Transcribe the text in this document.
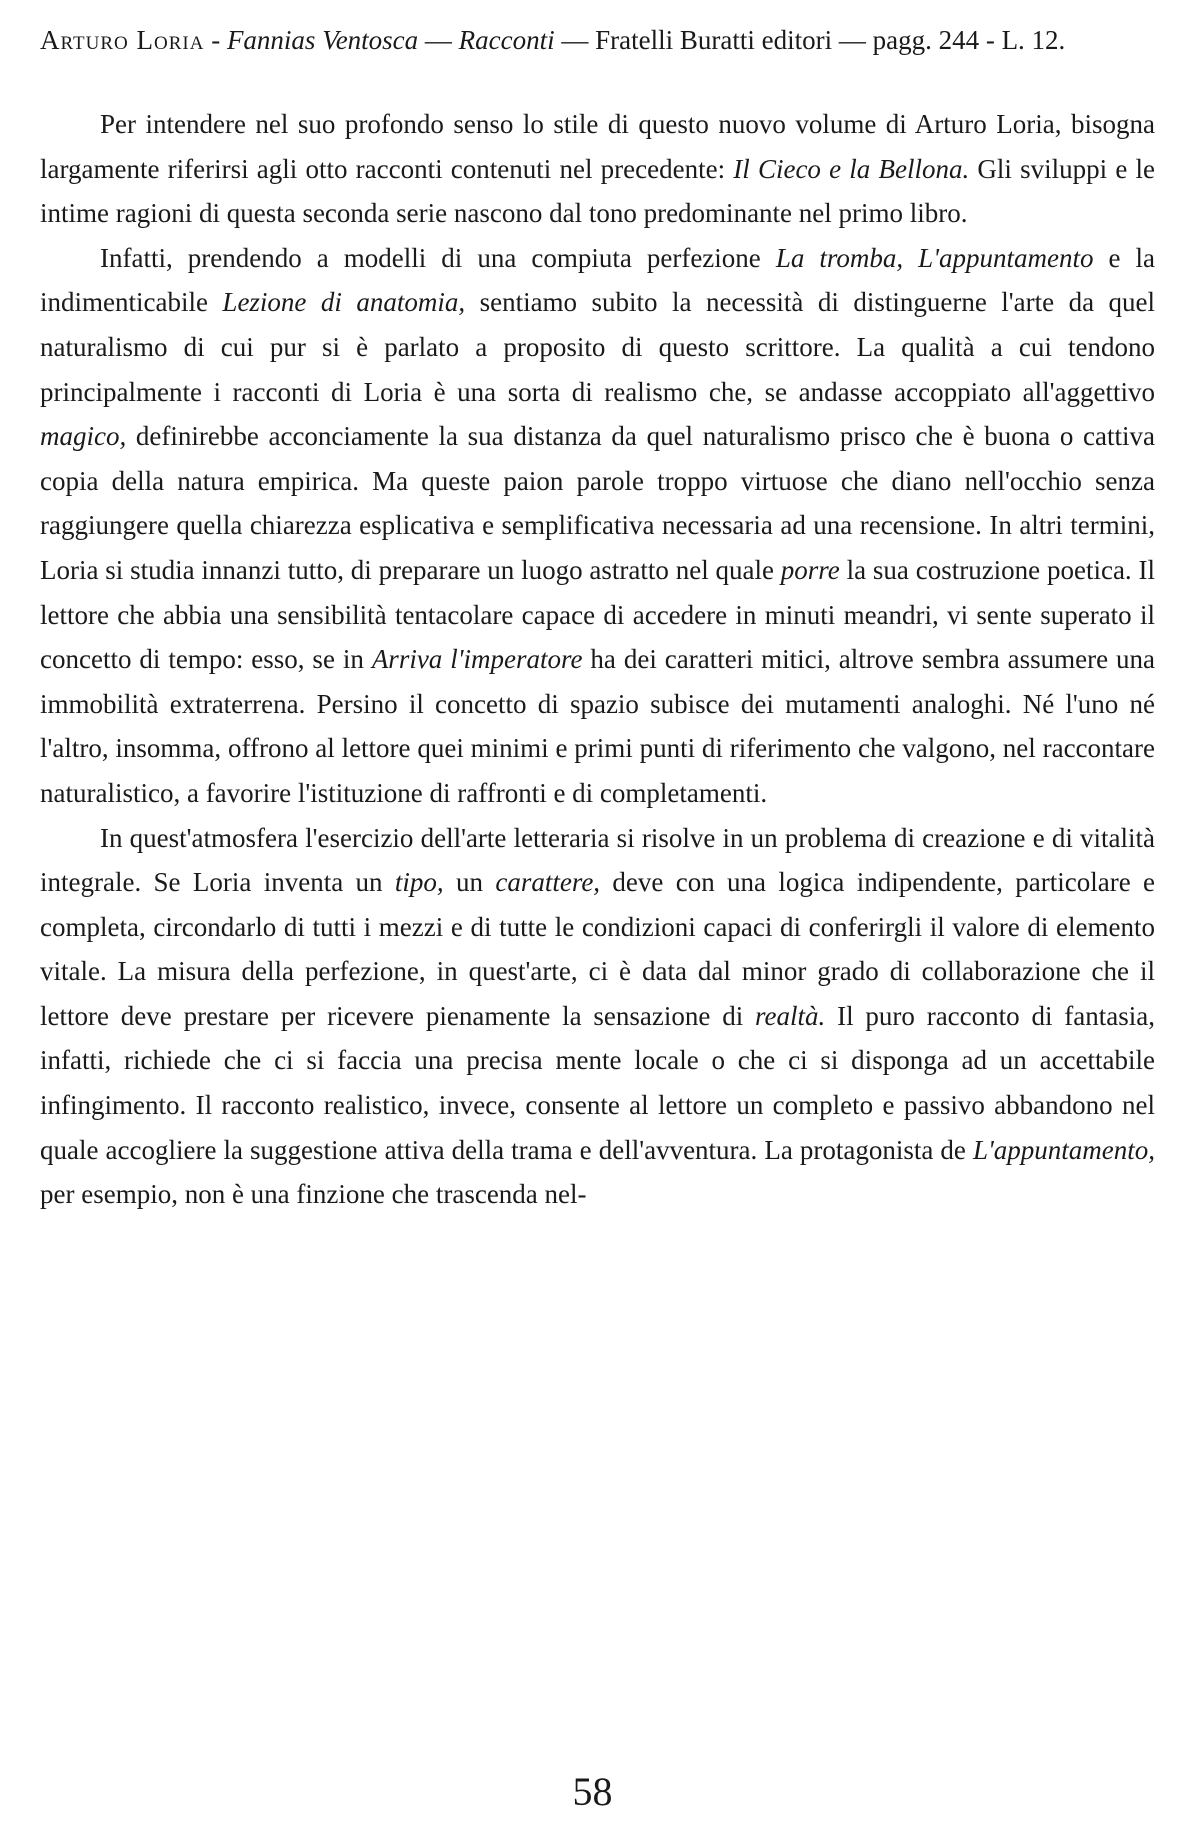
Arturo Loria - Fannias Ventosca — Racconti — Fratelli Buratti editori — pagg. 244 - L. 12.

Per intendere nel suo profondo senso lo stile di questo nuovo volume di Arturo Loria, bisogna largamente riferirsi agli otto racconti contenuti nel precedente: Il Cieco e la Bellona. Gli sviluppi e le intime ragioni di questa seconda serie nascono dal tono predominante nel primo libro.

Infatti, prendendo a modelli di una compiuta perfezione La tromba, L'appuntamento e la indimenticabile Lezione di anatomia, sentiamo subito la necessità di distinguerne l'arte da quel naturalismo di cui pur si è parlato a proposito di questo scrittore. La qualità a cui tendono principalmente i racconti di Loria è una sorta di realismo che, se andasse accoppiato all'aggettivo magico, definirebbe acconciamente la sua distanza da quel naturalismo prisco che è buona o cattiva copia della natura empirica. Ma queste paion parole troppo virtuose che diano nell'occhio senza raggiungere quella chiarezza esplicativa e semplificativa necessaria ad una recensione. In altri termini, Loria si studia innanzi tutto, di preparare un luogo astratto nel quale porre la sua costruzione poetica. Il lettore che abbia una sensibilità tentacolare capace di accedere in minuti meandri, vi sente superato il concetto di tempo: esso, se in Arriva l'imperatore ha dei caratteri mitici, altrove sembra assumere una immobilità extraterrena. Persino il concetto di spazio subisce dei mutamenti analoghi. Né l'uno né l'altro, insomma, offrono al lettore quei minimi e primi punti di riferimento che valgono, nel raccontare naturalistico, a favorire l'istituzione di raffronti e di completamenti.

In quest'atmosfera l'esercizio dell'arte letteraria si risolve in un problema di creazione e di vitalità integrale. Se Loria inventa un tipo, un carattere, deve con una logica indipendente, particolare e completa, circondarlo di tutti i mezzi e di tutte le condizioni capaci di conferirgli il valore di elemento vitale. La misura della perfezione, in quest'arte, ci è data dal minor grado di collaborazione che il lettore deve prestare per ricevere pienamente la sensazione di realtà. Il puro racconto di fantasia, infatti, richiede che ci si faccia una precisa mente locale o che ci si disponga ad un accettabile infingimento. Il racconto realistico, invece, consente al lettore un completo e passivo abbandono nel quale accogliere la suggestione attiva della trama e dell'avventura. La protagonista de L'appuntamento, per esempio, non è una finzione che trascenda nel-

58
